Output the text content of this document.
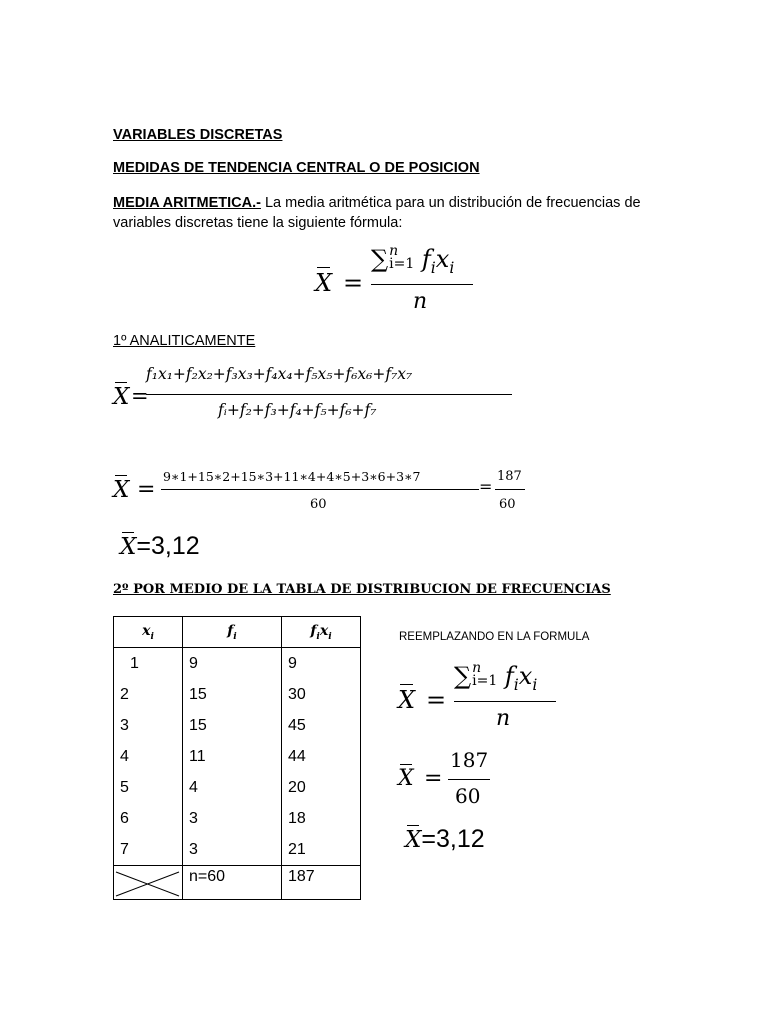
VARIABLES DISCRETAS
MEDIDAS DE TENDENCIA CENTRAL O DE POSICION
MEDIA ARITMETICA.- La media aritmética para un distribución de frecuencias de variables discretas tiene la siguiente fórmula:
X =
∑n
i=1 $f_ix_i$
n
1º ANALITICAMENTE
X =
f₁x₁+f₂x₂+f₃x₃+f₄x₄+f₅x₅+f₆x₆+f₇x₇
fᵢ+f₂+f₃+f₄+f₅+f₆+f₇
X =
9∗1+15∗2+15∗3+11∗4+4∗5+3∗6+3∗7
60
=
187
60
X=3,12
2º POR MEDIO DE LA TABLA DE DISTRIBUCION DE FRECUENCIAS
$x_i$	$f_i$	$f_ix_i$
1	9	9
2	15	30
3	15	45
4	11	44
5	4	20
6	3	18
7	3	21
	n=60	187
REEMPLAZANDO EN LA FORMULA
X =
∑n
i=1 $f_ix_i$
n
X =
187
60
X=3,12
